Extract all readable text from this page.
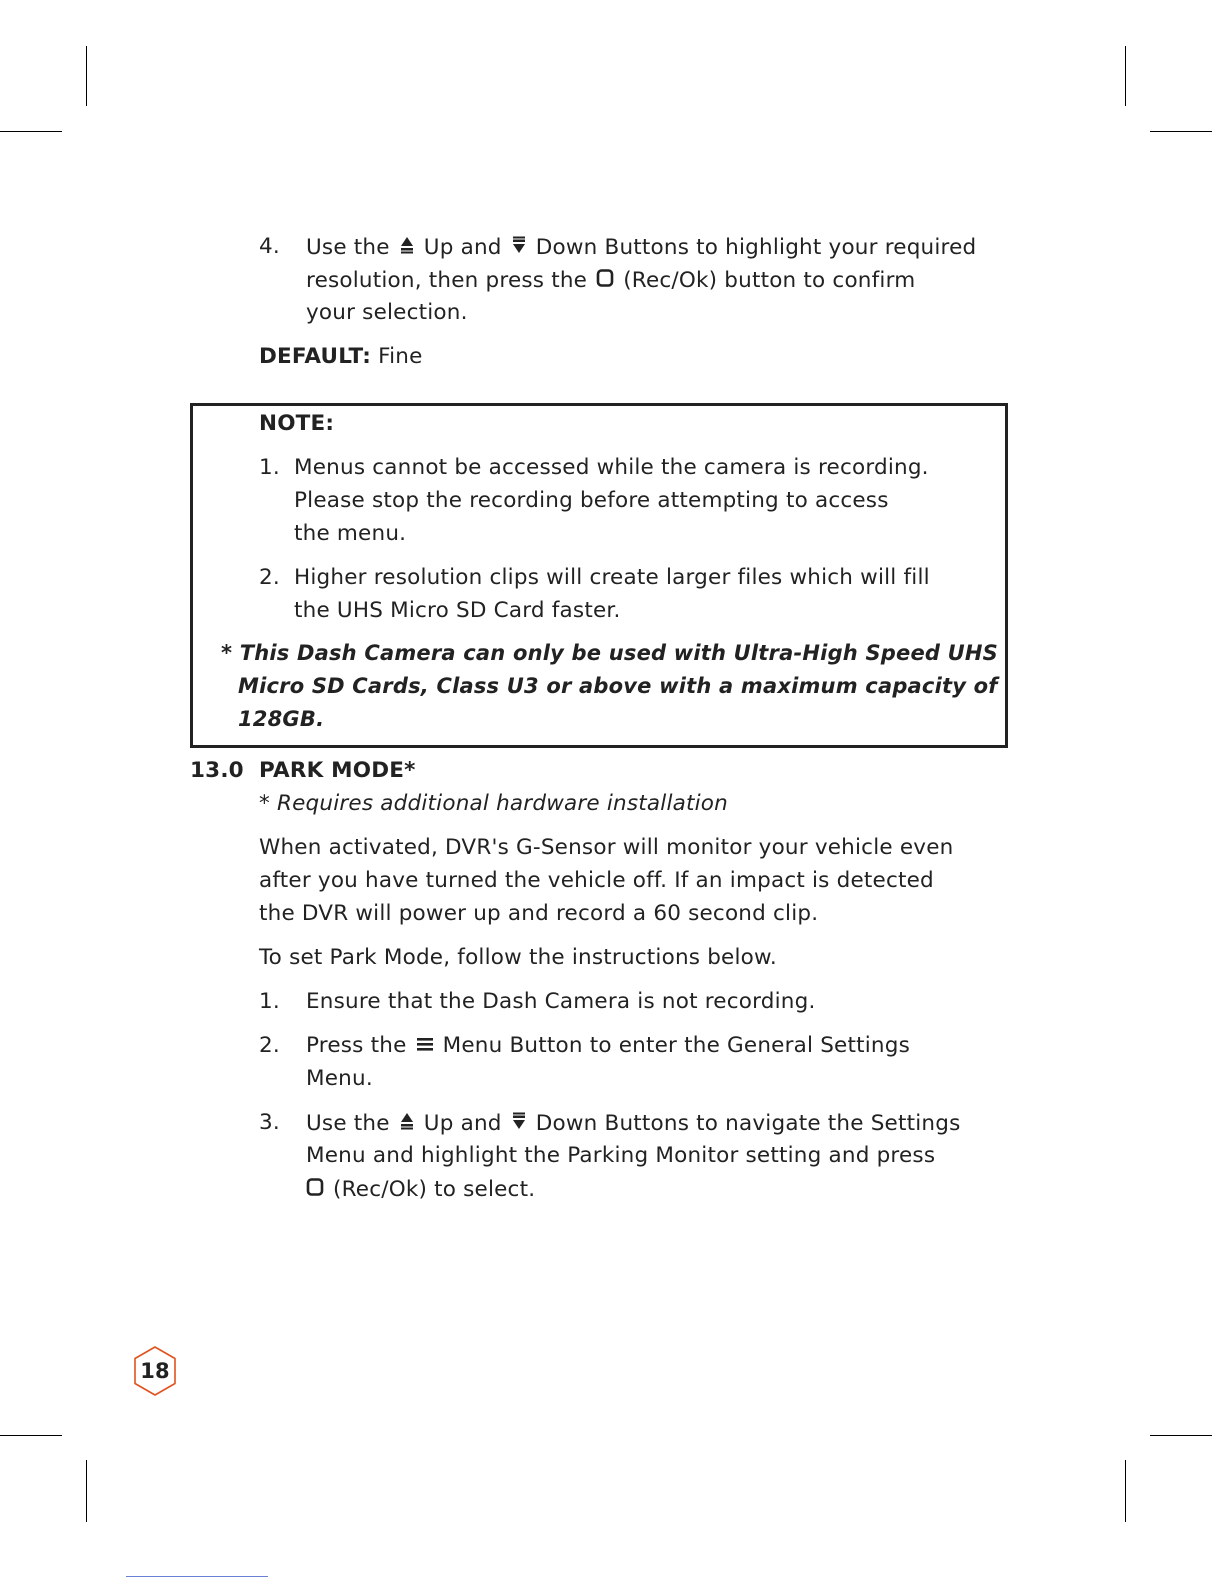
4. Use the Up and Down Buttons to highlight your required
resolution, then press the (Rec/Ok) button to confirm
your selection.
DEFAULT: Fine
NOTE:
1. Menus cannot be accessed while the camera is recording.
Please stop the recording before attempting to access
the menu.
2. Higher resolution clips will create larger files which will fill
the UHS Micro SD Card faster.
* This Dash Camera can only be used with Ultra-High Speed UHS
Micro SD Cards, Class U3 or above with a maximum capacity of
128GB.
13.0 PARK MODE*
* Requires additional hardware installation
When activated, DVR's G-Sensor will monitor your vehicle even
after you have turned the vehicle off. If an impact is detected
the DVR will power up and record a 60 second clip.
To set Park Mode, follow the instructions below.
1. Ensure that the Dash Camera is not recording.
2. Press the Menu Button to enter the General Settings
Menu.
3. Use the Up and Down Buttons to navigate the Settings
Menu and highlight the Parking Monitor setting and press
(Rec/Ok) to select.
18
